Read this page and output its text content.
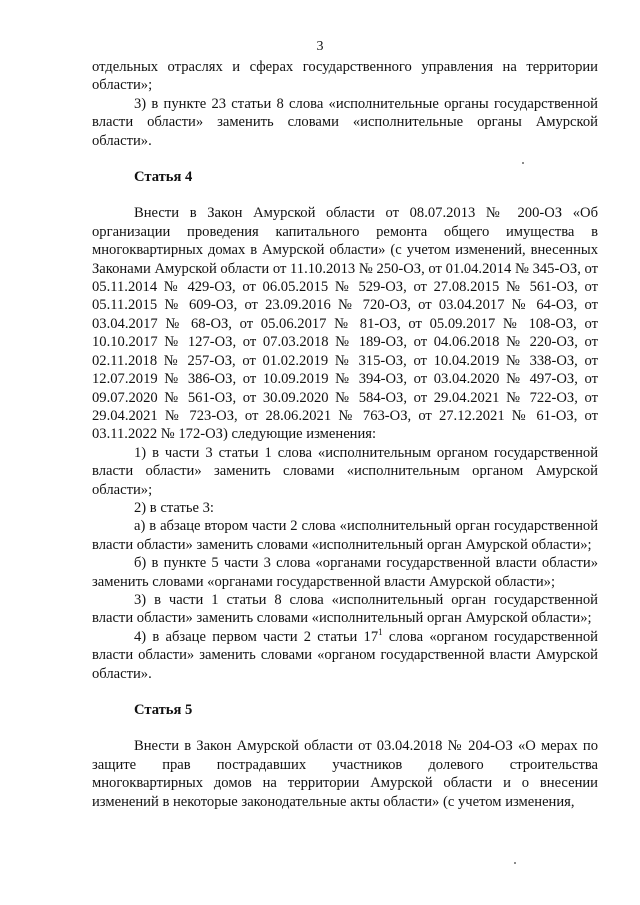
3

отдельных отраслях и сферах государственного управления на территории области»;

3) в пункте 23 статьи 8 слова «исполнительные органы государственной власти области» заменить словами «исполнительные органы Амурской области».

Статья 4

Внести в Закон Амурской области от 08.07.2013 № 200-ОЗ «Об организации проведения капитального ремонта общего имущества в многоквартирных домах в Амурской области» (с учетом изменений, внесенных Законами Амурской области от 11.10.2013 № 250-ОЗ, от 01.04.2014 № 345-ОЗ, от 05.11.2014 № 429-ОЗ, от 06.05.2015 № 529-ОЗ, от 27.08.2015 № 561-ОЗ, от 05.11.2015 № 609-ОЗ, от 23.09.2016 № 720-ОЗ, от 03.04.2017 № 64-ОЗ, от 03.04.2017 № 68-ОЗ, от 05.06.2017 № 81-ОЗ, от 05.09.2017 № 108-ОЗ, от 10.10.2017 № 127-ОЗ, от 07.03.2018 № 189-ОЗ, от 04.06.2018 № 220-ОЗ, от 02.11.2018 № 257-ОЗ, от 01.02.2019 № 315-ОЗ, от 10.04.2019 № 338-ОЗ, от 12.07.2019 № 386-ОЗ, от 10.09.2019 № 394-ОЗ, от 03.04.2020 № 497-ОЗ, от 09.07.2020 № 561-ОЗ, от 30.09.2020 № 584-ОЗ, от 29.04.2021 № 722-ОЗ, от 29.04.2021 № 723-ОЗ, от 28.06.2021 № 763-ОЗ, от 27.12.2021 № 61-ОЗ, от 03.11.2022 № 172-ОЗ) следующие изменения:

1) в части 3 статьи 1 слова «исполнительным органом государственной власти области» заменить словами «исполнительным органом Амурской области»;

2) в статье 3:

а) в абзаце втором части 2 слова «исполнительный орган государственной власти области» заменить словами «исполнительный орган Амурской области»;

б) в пункте 5 части 3 слова «органами государственной власти области» заменить словами «органами государственной власти Амурской области»;

3) в части 1 статьи 8 слова «исполнительный орган государственной власти области» заменить словами «исполнительный орган Амурской области»;

4) в абзаце первом части 2 статьи $17^1$ слова «органом государственной власти области» заменить словами «органом государственной власти Амурской области».

Статья 5

Внести в Закон Амурской области от 03.04.2018 № 204-ОЗ «О мерах по защите прав пострадавших участников долевого строительства многоквартирных домов на территории Амурской области и о внесении изменений в некоторые законодательные акты области» (с учетом изменения,
